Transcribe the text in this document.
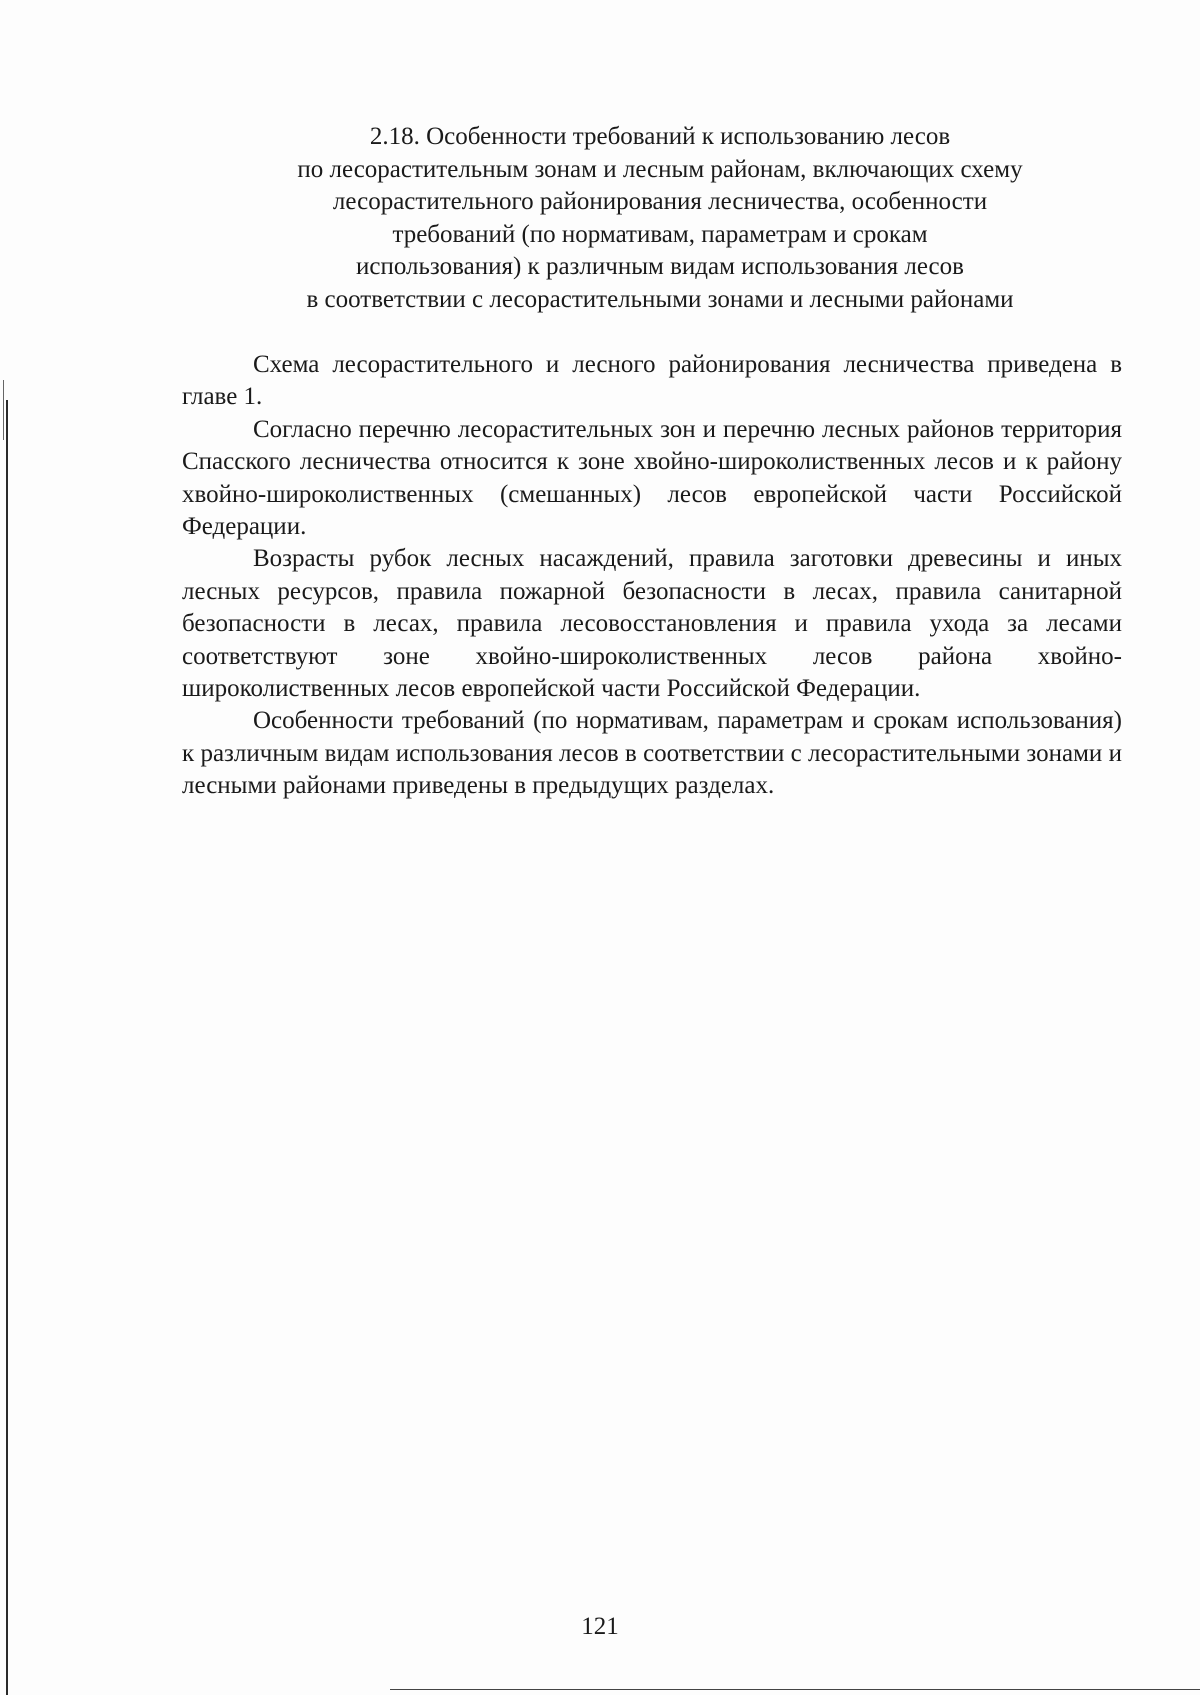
2.18. Особенности требований к использованию лесов
по лесорастительным зонам и лесным районам, включающих схему
лесорастительного районирования лесничества, особенности
требований (по нормативам, параметрам и срокам
использования) к различным видам использования лесов
в соответствии с лесорастительными зонами и лесными районами

Схема лесорастительного и лесного районирования лесничества приведена в главе 1.

Согласно перечню лесорастительных зон и перечню лесных районов территория Спасского лесничества относится к зоне хвойно-широколиственных лесов и к району хвойно-широколиственных (смешанных) лесов европейской части Российской Федерации.

Возрасты рубок лесных насаждений, правила заготовки древесины и иных лесных ресурсов, правила пожарной безопасности в лесах, правила санитарной безопасности в лесах, правила лесовосстановления и правила ухода за лесами соответствуют зоне хвойно-широколиственных лесов района хвойно-широколиственных лесов европейской части Российской Федерации.

Особенности требований (по нормативам, параметрам и срокам использования) к различным видам использования лесов в соответствии с лесорастительными зонами и лесными районами приведены в предыдущих разделах.

121
